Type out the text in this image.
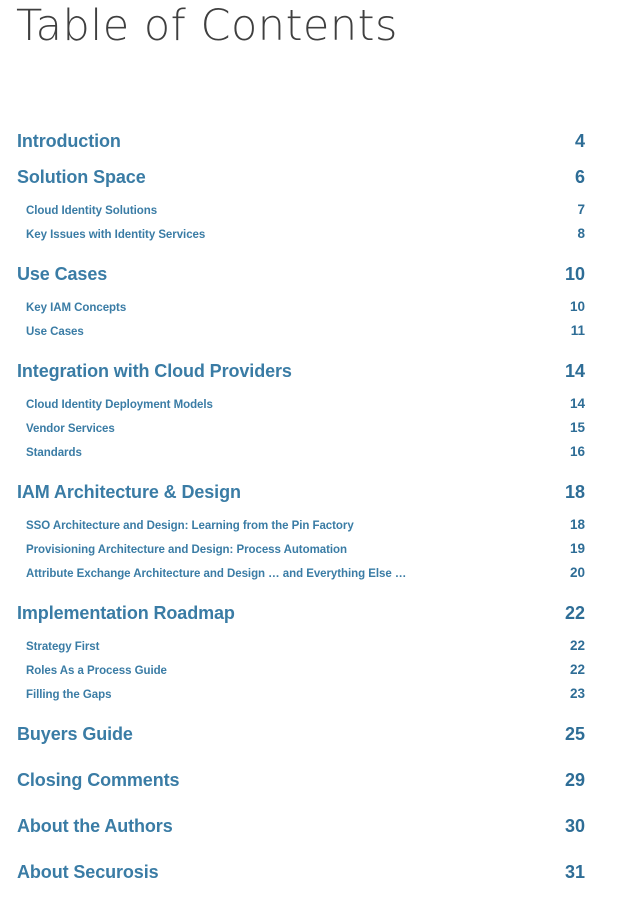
Table of Contents
Introduction	4
Solution Space	6
Cloud Identity Solutions	7
Key Issues with Identity Services	8
Use Cases	10
Key IAM Concepts	10
Use Cases	11
Integration with Cloud Providers	14
Cloud Identity Deployment Models	14
Vendor Services	15
Standards	16
IAM Architecture & Design	18
SSO Architecture and Design: Learning from the Pin Factory	18
Provisioning Architecture and Design: Process Automation	19
Attribute Exchange Architecture and Design … and Everything Else …	20
Implementation Roadmap	22
Strategy First	22
Roles As a Process Guide	22
Filling the Gaps	23
Buyers Guide	25
Closing Comments	29
About the Authors	30
About Securosis	31
